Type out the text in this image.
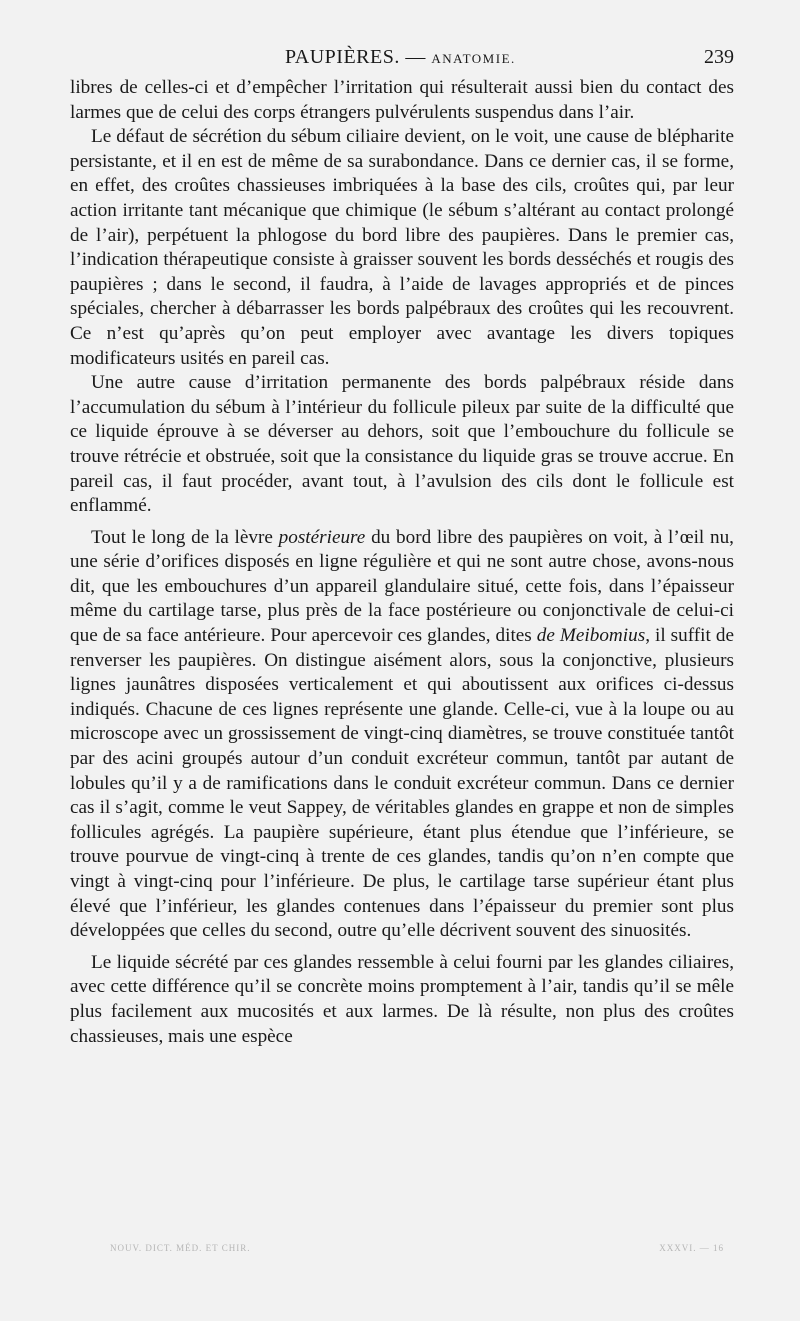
PAUPIÈRES. — ANATOMIE.	239

libres de celles-ci et d’empêcher l’irritation qui résulterait aussi bien du contact des larmes que de celui des corps étrangers pulvérulents suspendus dans l’air.

Le défaut de sécrétion du sébum ciliaire devient, on le voit, une cause de blépharite persistante, et il en est de même de sa surabondance. Dans ce dernier cas, il se forme, en effet, des croûtes chassieuses imbriquées à la base des cils, croûtes qui, par leur action irritante tant mécanique que chimique (le sébum s’altérant au contact prolongé de l’air), perpétuent la phlogose du bord libre des paupières. Dans le premier cas, l’indication thérapeutique consiste à graisser souvent les bords desséchés et rougis des paupières ; dans le second, il faudra, à l’aide de lavages appropriés et de pinces spéciales, chercher à débarrasser les bords palpébraux des croûtes qui les recouvrent. Ce n’est qu’après qu’on peut employer avec avantage les divers topiques modificateurs usités en pareil cas.

Une autre cause d’irritation permanente des bords palpébraux réside dans l’accumulation du sébum à l’intérieur du follicule pileux par suite de la difficulté que ce liquide éprouve à se déverser au dehors, soit que l’embouchure du follicule se trouve rétrécie et obstruée, soit que la consistance du liquide gras se trouve accrue. En pareil cas, il faut procéder, avant tout, à l’avulsion des cils dont le follicule est enflammé.

Tout le long de la lèvre postérieure du bord libre des paupières on voit, à l’œil nu, une série d’orifices disposés en ligne régulière et qui ne sont autre chose, avons-nous dit, que les embouchures d’un appareil glandulaire situé, cette fois, dans l’épaisseur même du cartilage tarse, plus près de la face postérieure ou conjonctivale de celui-ci que de sa face antérieure. Pour apercevoir ces glandes, dites de Meibomius, il suffit de renverser les paupières. On distingue aisément alors, sous la conjonctive, plusieurs lignes jaunâtres disposées verticalement et qui aboutissent aux orifices ci-dessus indiqués. Chacune de ces lignes représente une glande. Celle-ci, vue à la loupe ou au microscope avec un grossissement de vingt-cinq diamètres, se trouve constituée tantôt par des acini groupés autour d’un conduit excréteur commun, tantôt par autant de lobules qu’il y a de ramifications dans le conduit excréteur commun. Dans ce dernier cas il s’agit, comme le veut Sappey, de véritables glandes en grappe et non de simples follicules agrégés. La paupière supérieure, étant plus étendue que l’inférieure, se trouve pourvue de vingt-cinq à trente de ces glandes, tandis qu’on n’en compte que vingt à vingt-cinq pour l’inférieure. De plus, le cartilage tarse supérieur étant plus élevé que l’inférieur, les glandes contenues dans l’épaisseur du premier sont plus développées que celles du second, outre qu’elle décrivent souvent des sinuosités.

Le liquide sécrété par ces glandes ressemble à celui fourni par les glandes ciliaires, avec cette différence qu’il se concrète moins promptement à l’air, tandis qu’il se mêle plus facilement aux mucosités et aux larmes. De là résulte, non plus des croûtes chassieuses, mais une espèce

NOUV. DICT. MÉD. ET CHIR.	XXXVI. — 16
